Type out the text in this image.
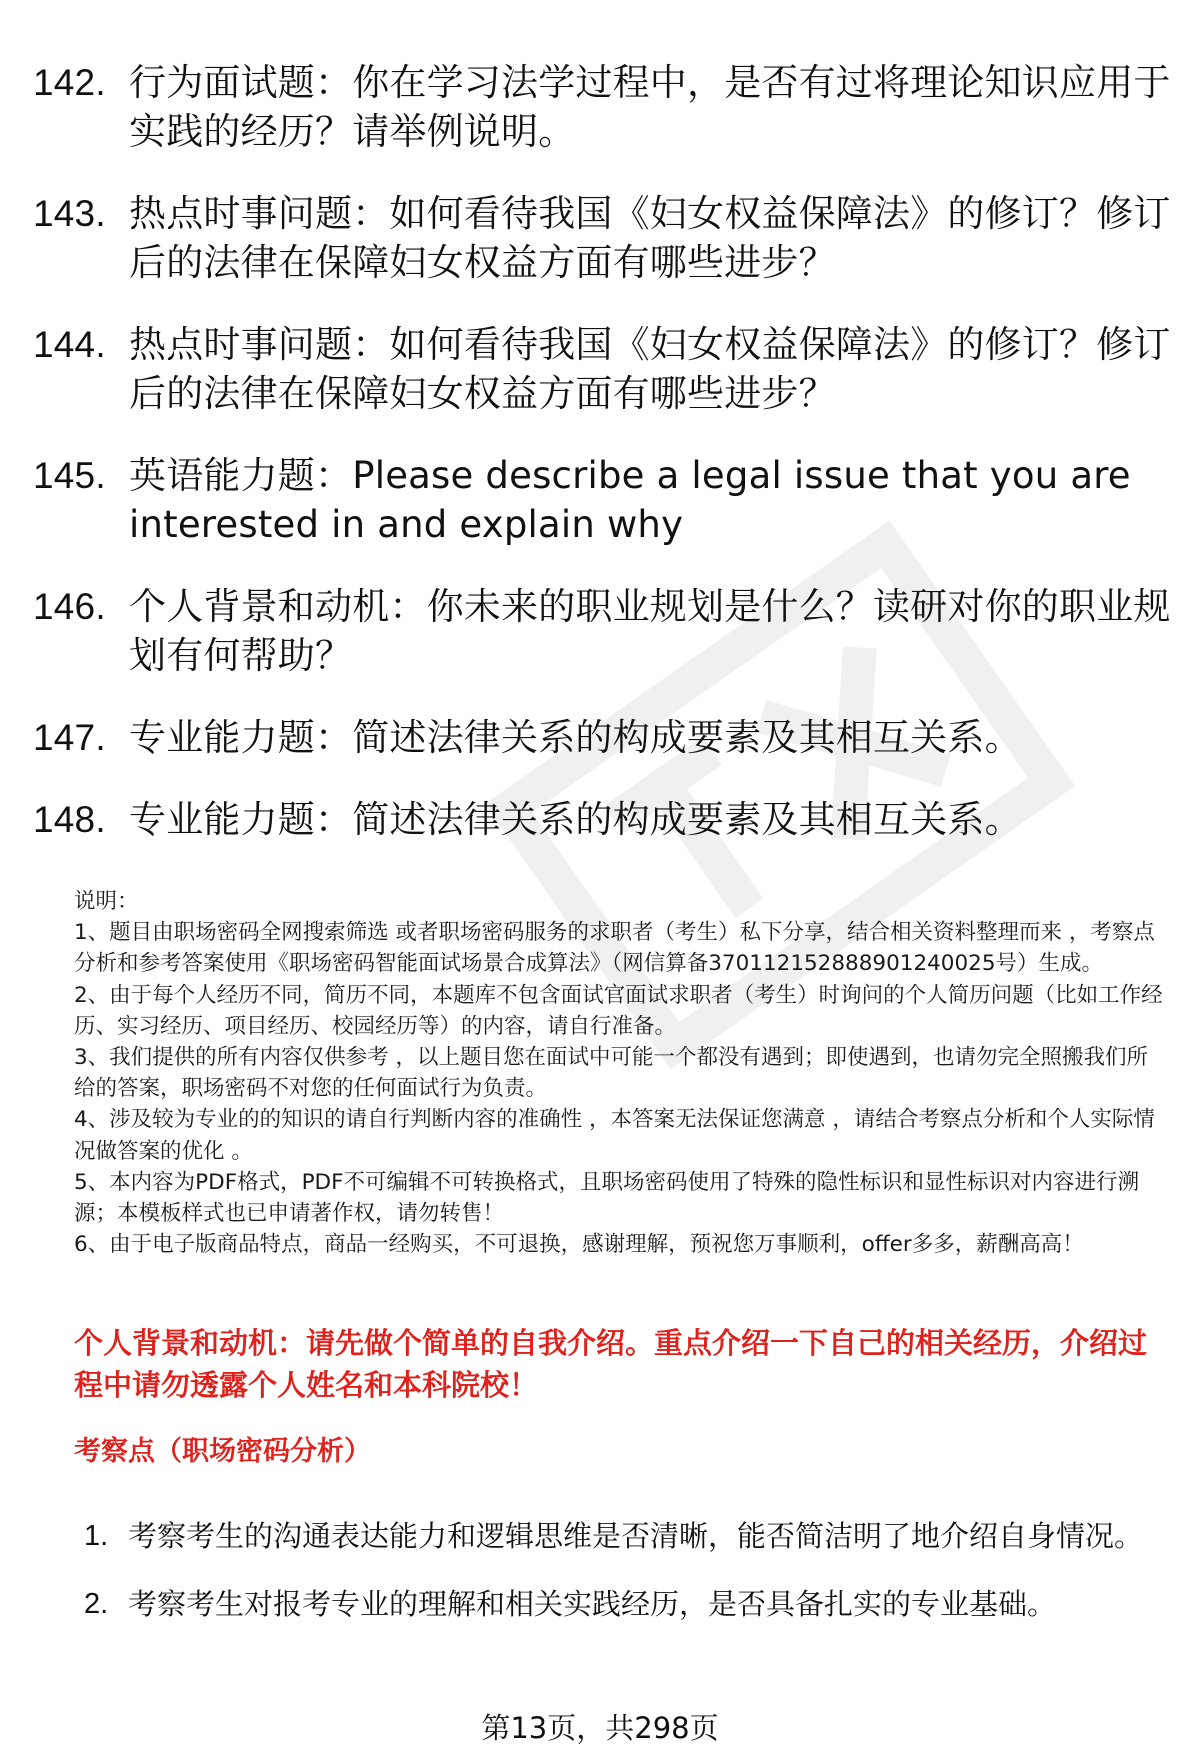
142. 行为面试题：你在学习法学过程中，是否有过将理论知识应用于实践的经历？请举例说明。
143. 热点时事问题：如何看待我国《妇女权益保障法》的修订？修订后的法律在保障妇女权益方面有哪些进步？
144. 热点时事问题：如何看待我国《妇女权益保障法》的修订？修订后的法律在保障妇女权益方面有哪些进步？
145. 英语能力题：Please describe a legal issue that you are interested in and explain why
146. 个人背景和动机：你未来的职业规划是什么？读研对你的职业规划有何帮助？
147. 专业能力题：简述法律关系的构成要素及其相互关系。
148. 专业能力题：简述法律关系的构成要素及其相互关系。

说明：

1、题目由职场密码全网搜索筛选 或者职场密码服务的求职者（考生）私下分享，结合相关资料整理而来 ，考察点分析和参考答案使用《职场密码智能面试场景合成算法》（网信算备370112152888901240025号）生成。

2、由于每个人经历不同，简历不同，本题库不包含面试官面试求职者（考生）时询问的个人简历问题（比如工作经历、实习经历、项目经历、校园经历等）的内容，请自行准备。

3、我们提供的所有内容仅供参考 ，以上题目您在面试中可能一个都没有遇到；即使遇到，也请勿完全照搬我们所给的答案，职场密码不对您的任何面试行为负责。

4、涉及较为专业的的知识的请自行判断内容的准确性 ，本答案无法保证您满意 ，请结合考察点分析和个人实际情况做答案的优化 。

5、本内容为PDF格式，PDF不可编辑不可转换格式，且职场密码使用了特殊的隐性标识和显性标识对内容进行溯源；本模板样式也已申请著作权，请勿转售！

6、由于电子版商品特点，商品一经购买，不可退换，感谢理解，预祝您万事顺利，offer多多，薪酬高高！

个人背景和动机：请先做个简单的自我介绍。重点介绍一下自己的相关经历，介绍过程中请勿透露个人姓名和本科院校！
考察点（职场密码分析）
1. 考察考生的沟通表达能力和逻辑思维是否清晰，能否简洁明了地介绍自身情况。
2. 考察考生对报考专业的理解和相关实践经历，是否具备扎实的专业基础。
第13页，共298页
